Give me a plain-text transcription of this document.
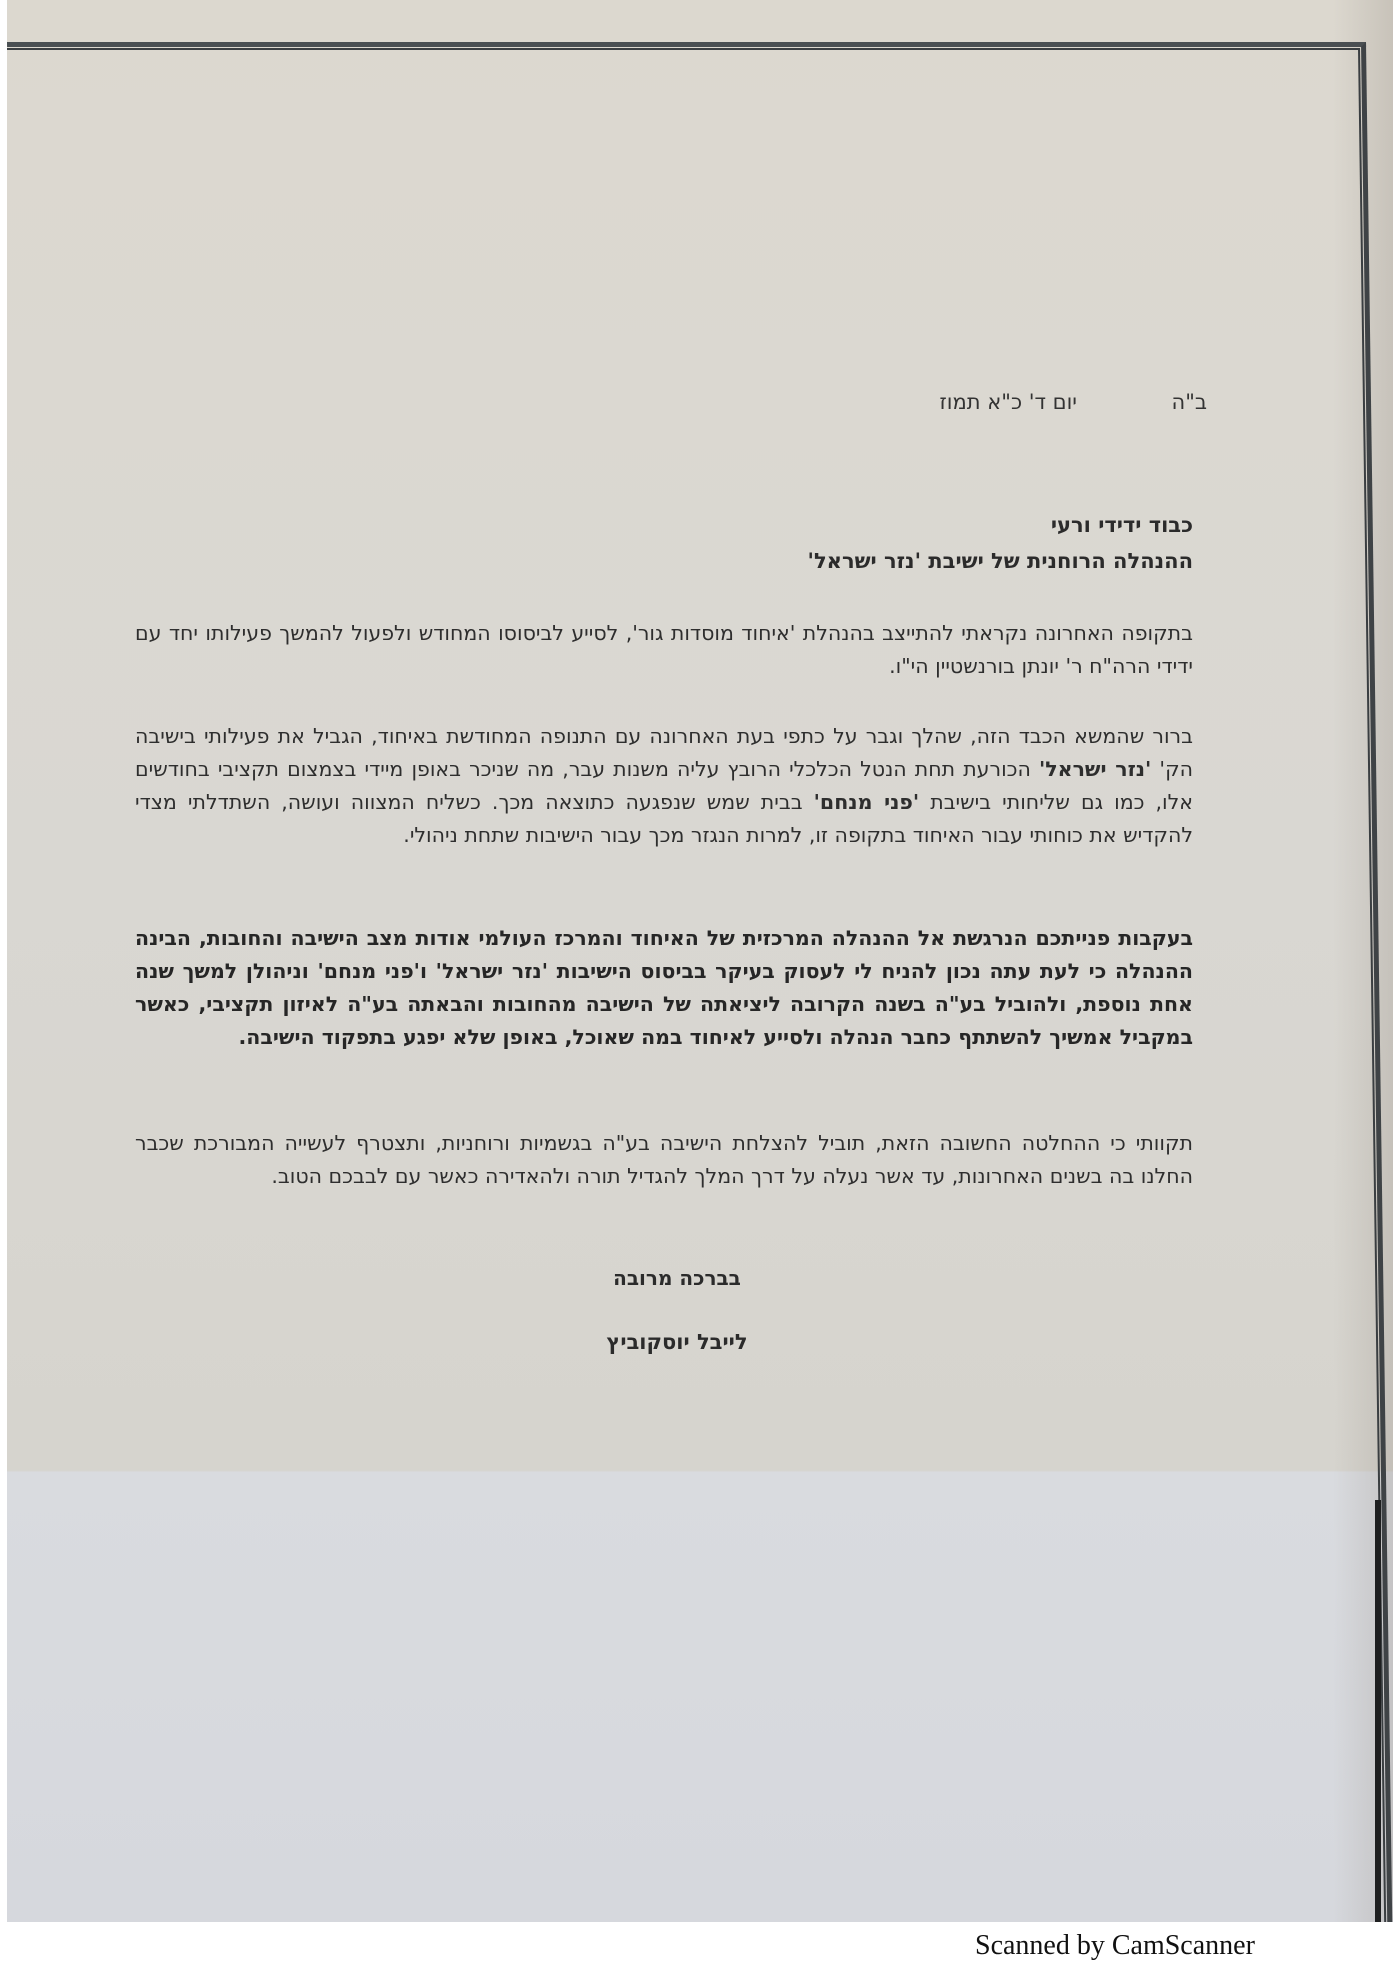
ב"ה
יום ד' כ"א תמוז
כבוד ידידי ורעי
ההנהלה הרוחנית של ישיבת 'נזר ישראל'
בתקופה האחרונה נקראתי להתייצב בהנהלת 'איחוד מוסדות גור', לסייע לביסוסו המחודש ולפעול להמשך פעילותו יחד עם ידידי הרה"ח ר' יונתן בורנשטיין הי"ו.
ברור שהמשא הכבד הזה, שהלך וגבר על כתפי בעת האחרונה עם התנופה המחודשת באיחוד, הגביל את פעילותי בישיבה הק' 'נזר ישראל' הכורעת תחת הנטל הכלכלי הרובץ עליה משנות עבר, מה שניכר באופן מיידי בצמצום תקציבי בחודשים אלו, כמו גם שליחותי בישיבת 'פני מנחם' בבית שמש שנפגעה כתוצאה מכך. כשליח המצווה ועושה, השתדלתי מצדי להקדיש את כוחותי עבור האיחוד בתקופה זו, למרות הנגזר מכך עבור הישיבות שתחת ניהולי.
בעקבות פנייתכם הנרגשת אל ההנהלה המרכזית של האיחוד והמרכז העולמי אודות מצב הישיבה והחובות, הבינה ההנהלה כי לעת עתה נכון להניח לי לעסוק בעיקר בביסוס הישיבות 'נזר ישראל' ו'פני מנחם' וניהולן למשך שנה אחת נוספת, ולהוביל בע"ה בשנה הקרובה ליציאתה של הישיבה מהחובות והבאתה בע"ה לאיזון תקציבי, כאשר במקביל אמשיך להשתתף כחבר הנהלה ולסייע לאיחוד במה שאוכל, באופן שלא יפגע בתפקוד הישיבה.
תקוותי כי ההחלטה החשובה הזאת, תוביל להצלחת הישיבה בע"ה בגשמיות ורוחניות, ותצטרף לעשייה המבורכת שכבר החלנו בה בשנים האחרונות, עד אשר נעלה על דרך המלך להגדיל תורה ולהאדירה כאשר עם לבבכם הטוב.
בברכה מרובה
לייבל יוסקוביץ
Scanned by CamScanner
